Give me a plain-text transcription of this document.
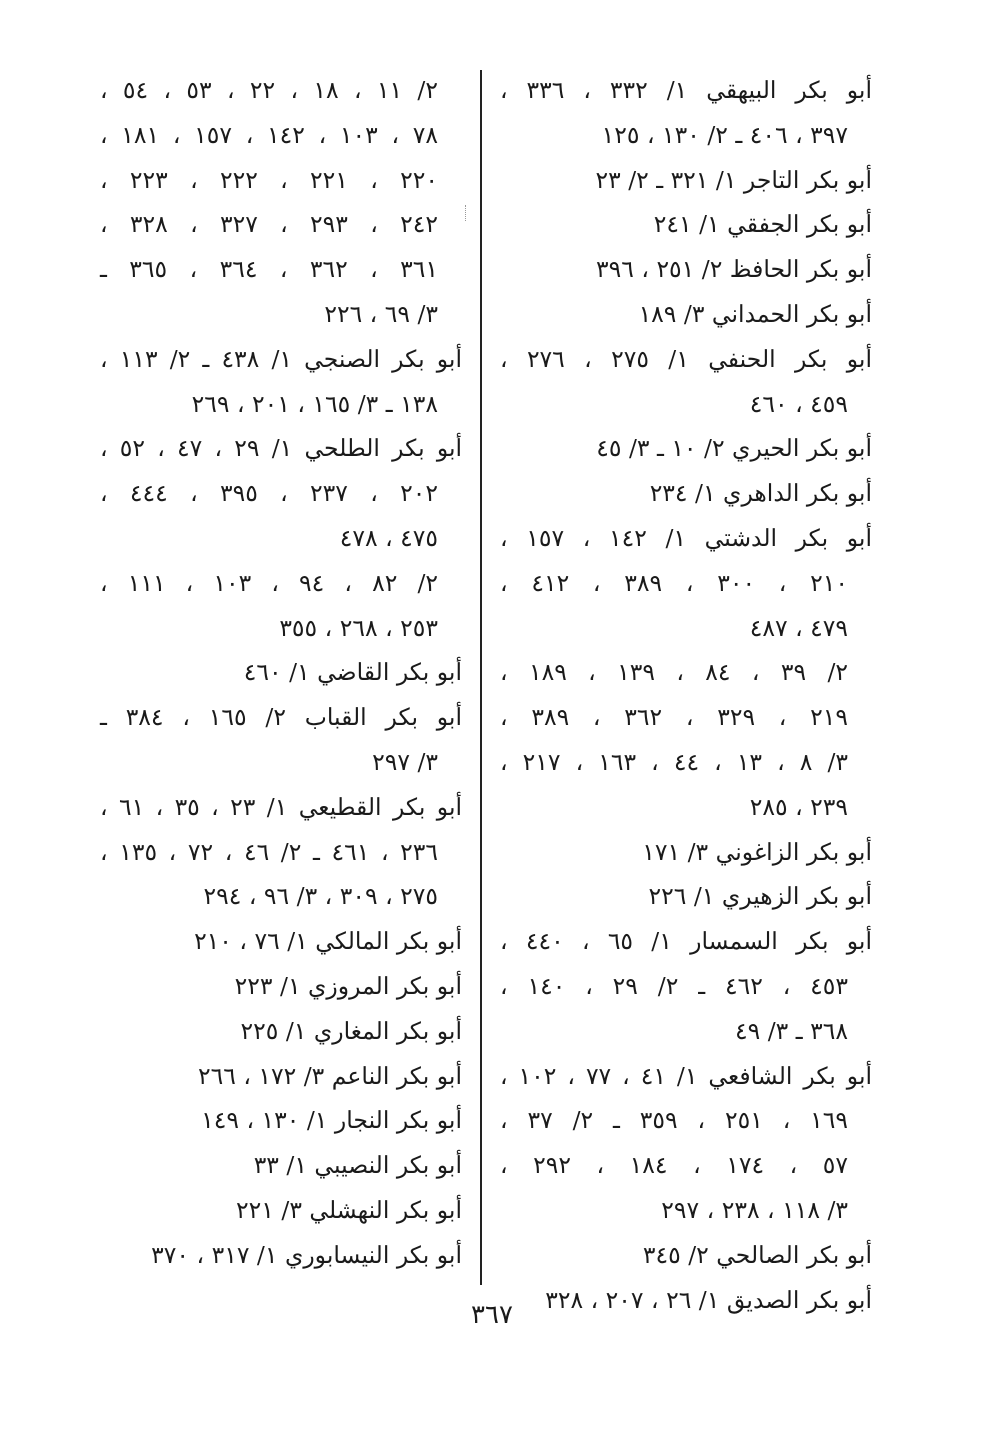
أبو بكر البيهقي ١/ ٣٣٢ ، ٣٣٦ ،
٣٩٧ ، ٤٠٦ ـ ٢/ ١٣٠ ، ١٢٥
أبو بكر التاجر ١/ ٣٢١ ـ ٢/ ٢٣
أبو بكر الجفقي ١/ ٢٤١
أبو بكر الحافظ ٢/ ٢٥١ ، ٣٩٦
أبو بكر الحمداني ٣/ ١٨٩
أبو بكر الحنفي ١/ ٢٧٥ ، ٢٧٦ ،
٤٥٩ ، ٤٦٠
أبو بكر الحيري ٢/ ١٠ ـ ٣/ ٤٥
أبو بكر الداهري ١/ ٢٣٤
أبو بكر الدشتي ١/ ١٤٢ ، ١٥٧ ،
٢١٠ ، ٣٠٠ ، ٣٨٩ ، ٤١٢ ،
٤٧٩ ، ٤٨٧
٢/ ٣٩ ، ٨٤ ، ١٣٩ ، ١٨٩ ،
٢١٩ ، ٣٢٩ ، ٣٦٢ ، ٣٨٩ ،
٣/ ٨ ، ١٣ ، ٤٤ ، ١٦٣ ، ٢١٧ ،
٢٣٩ ، ٢٨٥
أبو بكر الزاغوني ٣/ ١٧١
أبو بكر الزهيري ١/ ٢٢٦
أبو بكر السمسار ١/ ٦٥ ، ٤٤٠ ،
٤٥٣ ، ٤٦٢ ـ ٢/ ٢٩ ، ١٤٠ ،
٣٦٨ ـ ٣/ ٤٩
أبو بكر الشافعي ١/ ٤١ ، ٧٧ ، ١٠٢ ،
١٦٩ ، ٢٥١ ، ٣٥٩ ـ ٢/ ٣٧ ،
٥٧ ، ١٧٤ ، ١٨٤ ، ٢٩٢ ،
٣/ ١١٨ ، ٢٣٨ ، ٢٩٧
أبو بكر الصالحي ٢/ ٣٤٥
أبو بكر الصديق ١/ ٢٦ ، ٢٠٧ ، ٣٢٨
٢/ ١١ ، ١٨ ، ٢٢ ، ٥٣ ، ٥٤ ،
٧٨ ، ١٠٣ ، ١٤٢ ، ١٥٧ ، ١٨١ ،
٢٢٠ ، ٢٢١ ، ٢٢٢ ، ٢٢٣ ،
٢٤٢ ، ٢٩٣ ، ٣٢٧ ، ٣٢٨ ،
٣٦١ ، ٣٦٢ ، ٣٦٤ ، ٣٦٥ ـ
٣/ ٦٩ ، ٢٢٦
أبو بكر الصنجي ١/ ٤٣٨ ـ ٢/ ١١٣ ،
١٣٨ ـ ٣/ ١٦٥ ، ٢٠١ ، ٢٦٩
أبو بكر الطلحي ١/ ٢٩ ، ٤٧ ، ٥٢ ،
٢٠٢ ، ٢٣٧ ، ٣٩٥ ، ٤٤٤ ،
٤٧٥ ، ٤٧٨
٢/ ٨٢ ، ٩٤ ، ١٠٣ ، ١١١ ،
٢٥٣ ، ٢٦٨ ، ٣٥٥
أبو بكر القاضي ١/ ٤٦٠
أبو بكر القباب ٢/ ١٦٥ ، ٣٨٤ ـ
٣/ ٢٩٧
أبو بكر القطيعي ١/ ٢٣ ، ٣٥ ، ٦١ ،
٢٣٦ ، ٤٦١ ـ ٢/ ٤٦ ، ٧٢ ، ١٣٥ ،
٢٧٥ ، ٣٠٩ ، ٣/ ٩٦ ، ٢٩٤
أبو بكر المالكي ١/ ٧٦ ، ٢١٠
أبو بكر المروزي ١/ ٢٢٣
أبو بكر المغاري ١/ ٢٢٥
أبو بكر الناعم ٣/ ١٧٢ ، ٢٦٦
أبو بكر النجار ١/ ١٣٠ ، ١٤٩
أبو بكر النصيبي ١/ ٣٣
أبو بكر النهشلي ٣/ ٢٢١
أبو بكر النيسابوري ١/ ٣١٧ ، ٣٧٠
٣٦٧
